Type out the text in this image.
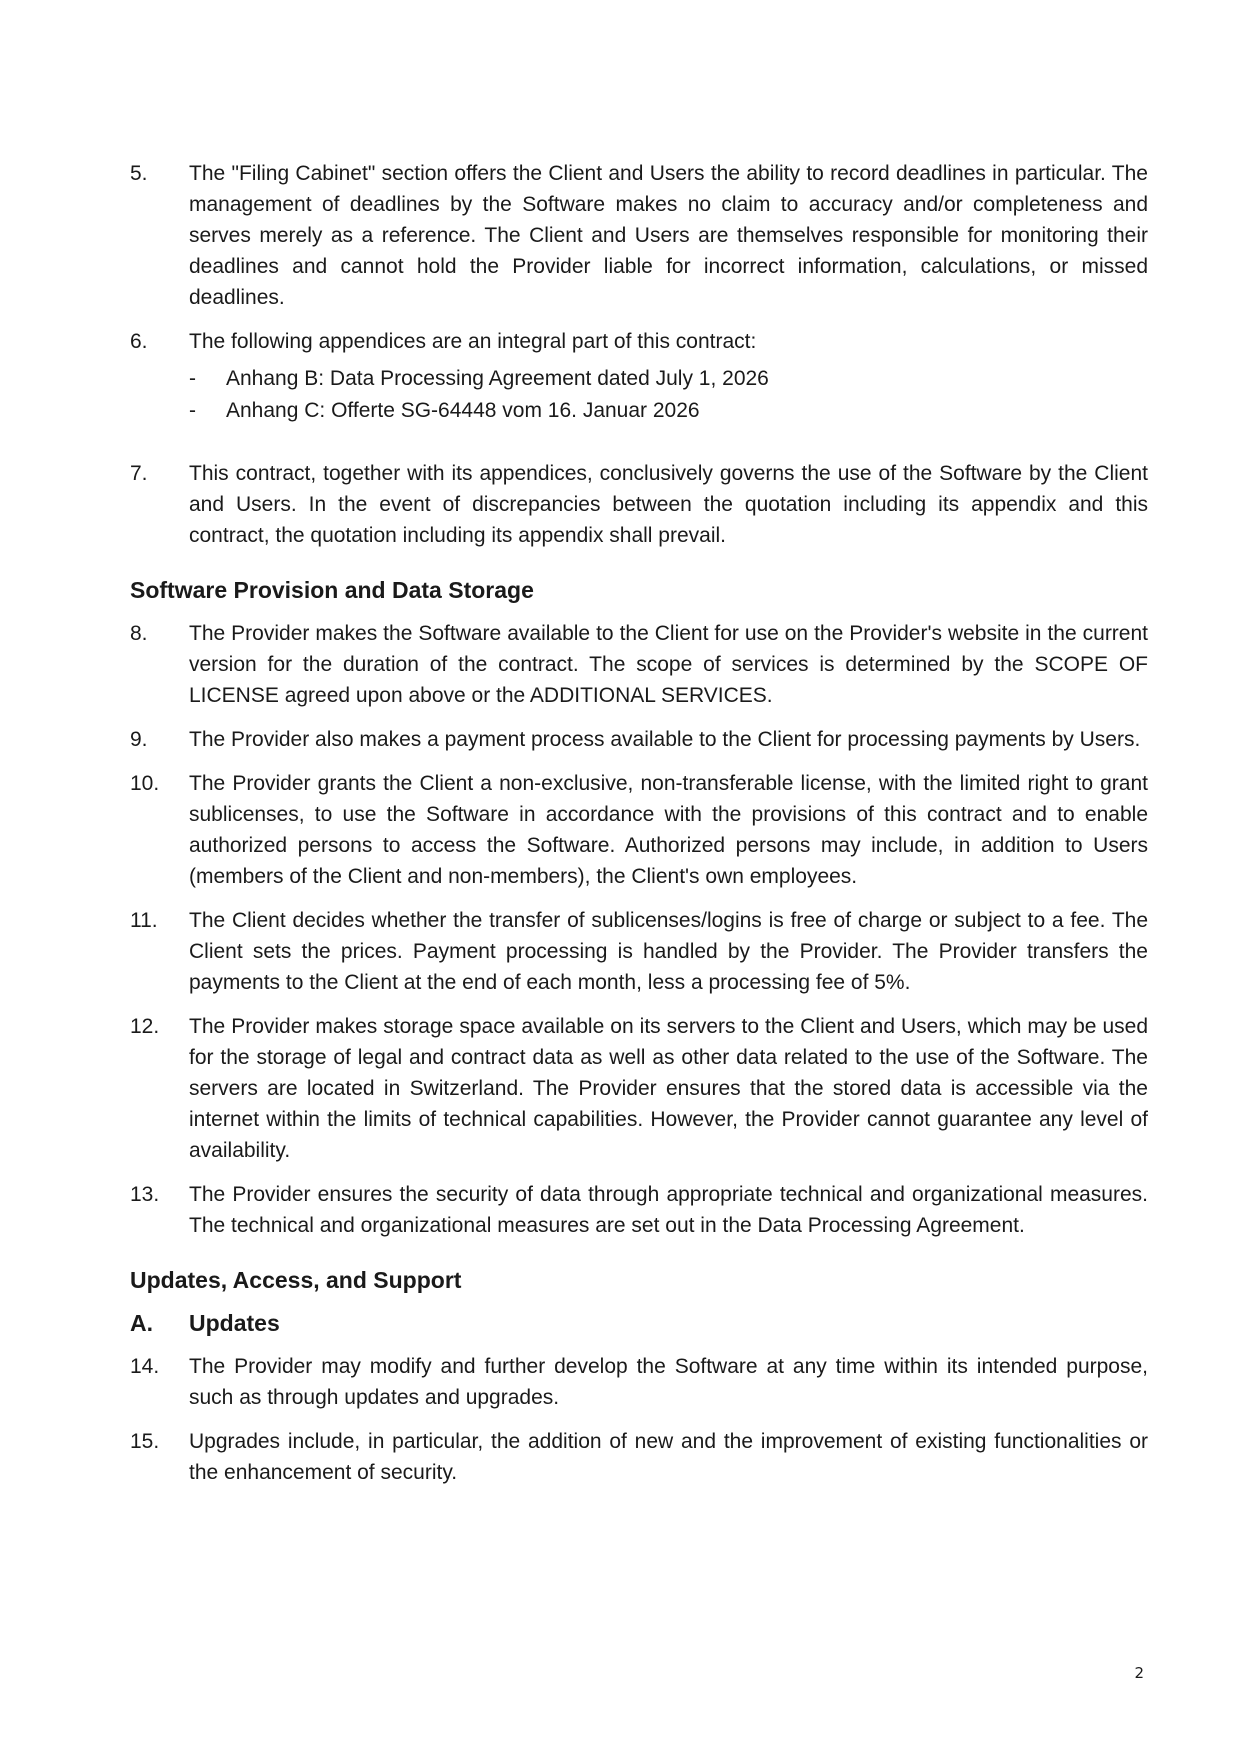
5.	The "Filing Cabinet" section offers the Client and Users the ability to record deadlines in particular. The management of deadlines by the Software makes no claim to accuracy and/or completeness and serves merely as a reference. The Client and Users are themselves responsible for monitoring their deadlines and cannot hold the Provider liable for incorrect information, calculations, or missed deadlines.
6.	The following appendices are an integral part of this contract:
-	Anhang B: Data Processing Agreement dated July 1, 2026
-	Anhang C: Offerte SG-64448 vom 16. Januar 2026
7.	This contract, together with its appendices, conclusively governs the use of the Software by the Client and Users. In the event of discrepancies between the quotation including its appendix and this contract, the quotation including its appendix shall prevail.
Software Provision and Data Storage
8.	The Provider makes the Software available to the Client for use on the Provider's website in the current version for the duration of the contract. The scope of services is determined by the SCOPE OF LICENSE agreed upon above or the ADDITIONAL SERVICES.
9.	The Provider also makes a payment process available to the Client for processing payments by Users.
10.	The Provider grants the Client a non-exclusive, non-transferable license, with the limited right to grant sublicenses, to use the Software in accordance with the provisions of this contract and to enable authorized persons to access the Software. Authorized persons may include, in addition to Users (members of the Client and non-members), the Client's own employees.
11.	The Client decides whether the transfer of sublicenses/logins is free of charge or subject to a fee. The Client sets the prices. Payment processing is handled by the Provider. The Provider transfers the payments to the Client at the end of each month, less a processing fee of 5%.
12.	The Provider makes storage space available on its servers to the Client and Users, which may be used for the storage of legal and contract data as well as other data related to the use of the Software. The servers are located in Switzerland. The Provider ensures that the stored data is accessible via the internet within the limits of technical capabilities. However, the Provider cannot guarantee any level of availability.
13.	The Provider ensures the security of data through appropriate technical and organizational measures. The technical and organizational measures are set out in the Data Processing Agreement.
Updates, Access, and Support
A.	Updates
14.	The Provider may modify and further develop the Software at any time within its intended purpose, such as through updates and upgrades.
15.	Upgrades include, in particular, the addition of new and the improvement of existing functionalities or the enhancement of security.
2
